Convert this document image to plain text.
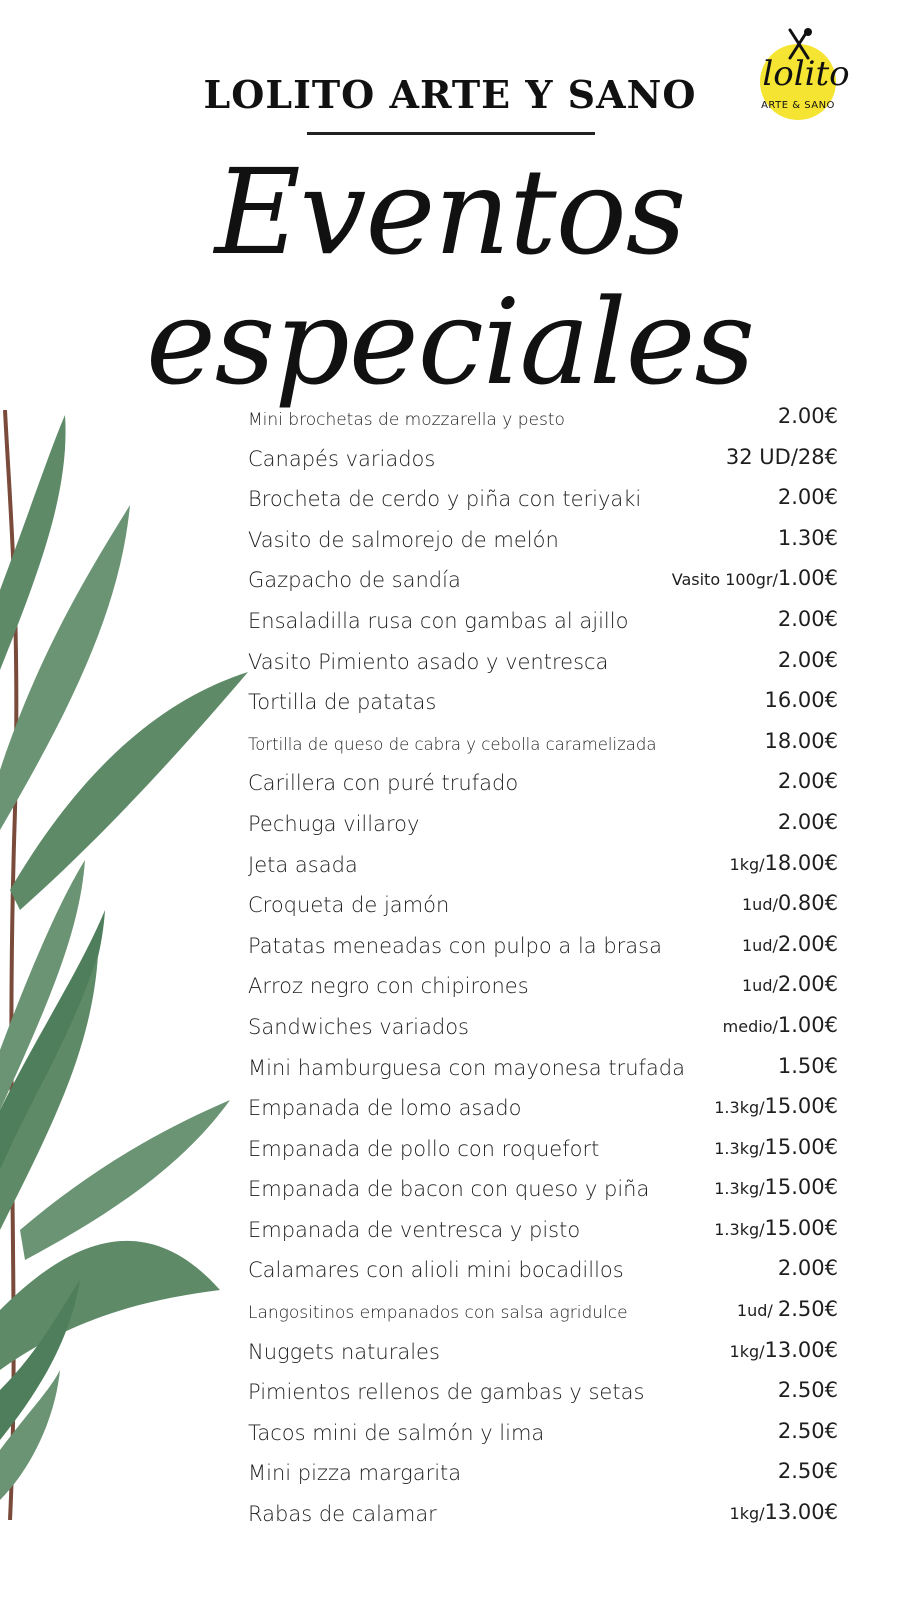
LOLITO ARTE Y SANO	lolito
ARTE & SANO
Eventos especiales
Mini brochetas de mozzarella y pesto	2.00€
Canapés variados	32 UD/28€
Brocheta de cerdo y piña con teriyaki	2.00€
Vasito de salmorejo de melón	1.30€
Gazpacho de sandía	Vasito 100gr/1.00€
Ensaladilla rusa con gambas al ajillo	2.00€
Vasito Pimiento asado y ventresca	2.00€
Tortilla de patatas	16.00€
Tortilla de queso de cabra y cebolla caramelizada	18.00€
Carillera con puré trufado	2.00€
Pechuga villaroy	2.00€
Jeta asada	1kg/18.00€
Croqueta de jamón	1ud/0.80€
Patatas meneadas con pulpo a la brasa	1ud/2.00€
Arroz negro con chipirones	1ud/2.00€
Sandwiches variados	medio/1.00€
Mini hamburguesa con mayonesa trufada	1.50€
Empanada de lomo asado	1.3kg/15.00€
Empanada de pollo con roquefort	1.3kg/15.00€
Empanada de bacon con queso y piña	1.3kg/15.00€
Empanada de ventresca y pisto	1.3kg/15.00€
Calamares con alioli mini bocadillos	2.00€
Langositinos empanados con salsa agridulce	1ud/ 2.50€
Nuggets naturales	1kg/13.00€
Pimientos rellenos de gambas y setas	2.50€
Tacos mini de salmón y lima	2.50€
Mini pizza margarita	2.50€
Rabas de calamar	1kg/13.00€
